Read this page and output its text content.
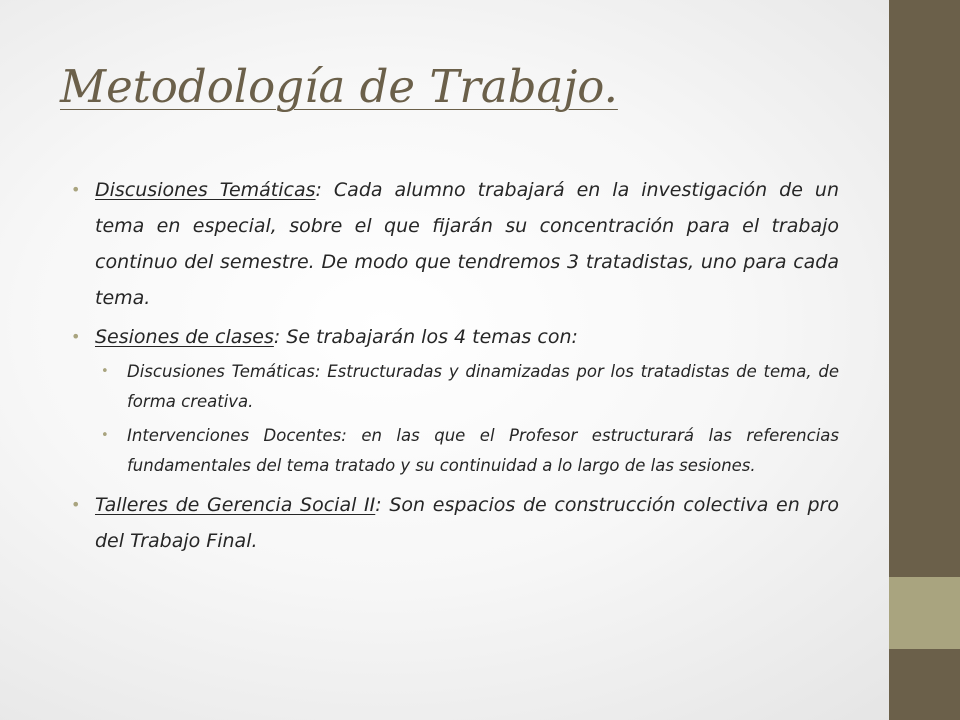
Metodología de Trabajo.
• Discusiones Temáticas: Cada alumno trabajará en la investigación de un tema en especial, sobre el que fijarán su concentración para el trabajo continuo del semestre. De modo que tendremos 3 tratadistas, uno para cada tema.
• Sesiones de clases: Se trabajarán los 4 temas con:
• Discusiones Temáticas: Estructuradas y dinamizadas por los tratadistas de tema, de forma creativa.
• Intervenciones Docentes: en las que el Profesor estructurará las referencias fundamentales del tema tratado y su continuidad a lo largo de las sesiones.
• Talleres de Gerencia Social II: Son espacios de construcción colectiva en pro del Trabajo Final.
